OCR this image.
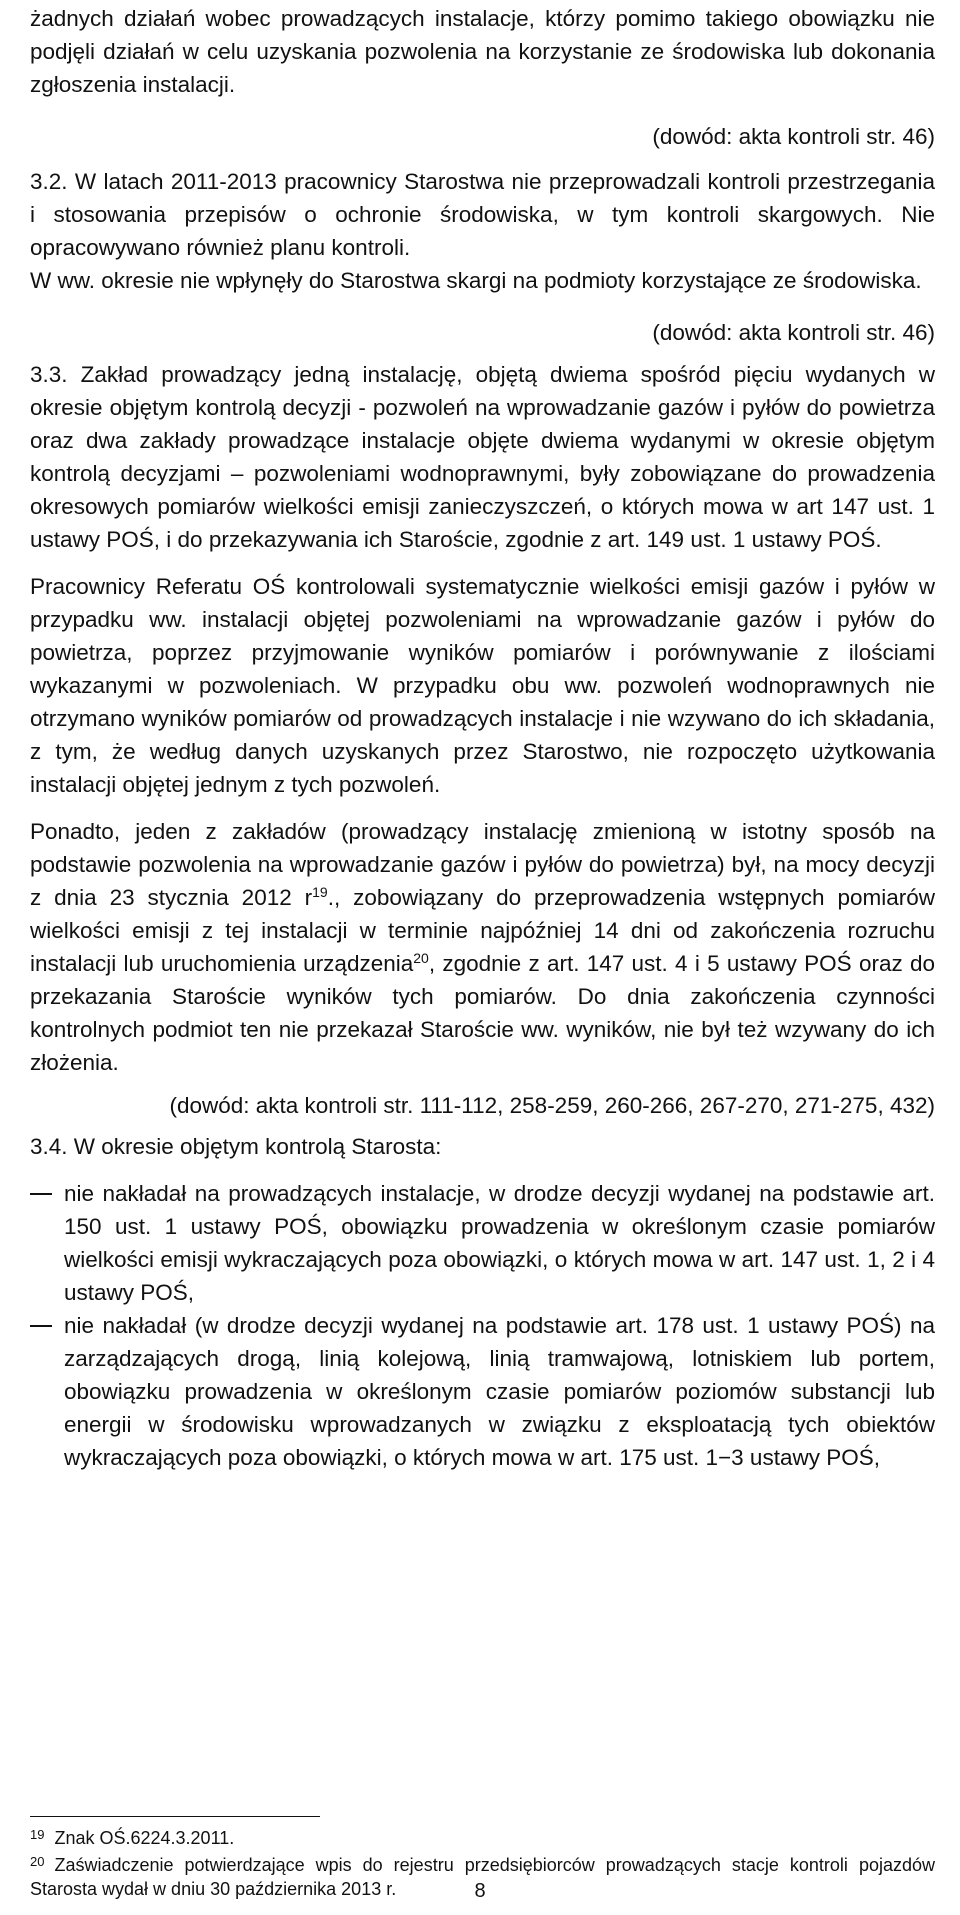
żadnych działań wobec prowadzących instalacje, którzy pomimo takiego obowiązku nie podjęli działań w celu uzyskania pozwolenia na korzystanie ze środowiska lub dokonania zgłoszenia instalacji.

(dowód: akta kontroli str. 46)

3.2. W latach 2011-2013 pracownicy Starostwa nie przeprowadzali kontroli przestrzegania i stosowania przepisów o ochronie środowiska, w tym kontroli skargowych. Nie opracowywano również planu kontroli.

W ww. okresie nie wpłynęły do Starostwa skargi na podmioty korzystające ze środowiska.

(dowód: akta kontroli str. 46)

3.3. Zakład prowadzący jedną instalację, objętą dwiema spośród pięciu wydanych w okresie objętym kontrolą decyzji - pozwoleń na wprowadzanie gazów i pyłów do powietrza oraz dwa zakłady prowadzące instalacje objęte dwiema wydanymi w okresie objętym kontrolą decyzjami – pozwoleniami wodnoprawnymi, były zobowiązane do prowadzenia okresowych pomiarów wielkości emisji zanieczyszczeń, o których mowa w art 147 ust. 1 ustawy POŚ, i do przekazywania ich Staroście, zgodnie z art. 149 ust. 1 ustawy POŚ.

Pracownicy Referatu OŚ kontrolowali systematycznie wielkości emisji gazów i pyłów w przypadku ww. instalacji objętej pozwoleniami na wprowadzanie gazów i pyłów do powietrza, poprzez przyjmowanie wyników pomiarów i porównywanie z ilościami wykazanymi w pozwoleniach. W przypadku obu ww. pozwoleń wodnoprawnych nie otrzymano wyników pomiarów od prowadzących instalacje i nie wzywano do ich składania, z tym, że według danych uzyskanych przez Starostwo, nie rozpoczęto użytkowania instalacji objętej jednym z tych pozwoleń.

Ponadto, jeden z zakładów (prowadzący instalację zmienioną w istotny sposób na podstawie pozwolenia na wprowadzanie gazów i pyłów do powietrza) był, na mocy decyzji z dnia 23 stycznia 2012 $r^{19}$., zobowiązany do przeprowadzenia wstępnych pomiarów wielkości emisji z tej instalacji w terminie najpóźniej 14 dni od zakończenia rozruchu instalacji lub uruchomienia urządzenia$^{20}$, zgodnie z art. 147 ust. 4 i 5 ustawy POŚ oraz do przekazania Staroście wyników tych pomiarów. Do dnia zakończenia czynności kontrolnych podmiot ten nie przekazał Staroście ww. wyników, nie był też wzywany do ich złożenia.

(dowód: akta kontroli str. 111-112, 258-259, 260-266, 267-270, 271-275, 432)

3.4. W okresie objętym kontrolą Starosta:

nie nakładał na prowadzących instalacje, w drodze decyzji wydanej na podstawie art. 150 ust. 1 ustawy POŚ, obowiązku prowadzenia w określonym czasie pomiarów wielkości emisji wykraczających poza obowiązki, o których mowa w art. 147 ust. 1, 2 i 4 ustawy POŚ,
nie nakładał (w drodze decyzji wydanej na podstawie art. 178 ust. 1 ustawy POŚ) na zarządzających drogą, linią kolejową, linią tramwajową, lotniskiem lub portem, obowiązku prowadzenia w określonym czasie pomiarów poziomów substancji lub energii w środowisku wprowadzanych w związku z eksploatacją tych obiektów wykraczających poza obowiązki, o których mowa w art. 175 ust. 1−3 ustawy POŚ,

$^{19}$ Znak OŚ.6224.3.2011.

$^{20}$ Zaświadczenie potwierdzające wpis do rejestru przedsiębiorców prowadzących stacje kontroli pojazdów Starosta wydał w dniu 30 października 2013 r.	8
